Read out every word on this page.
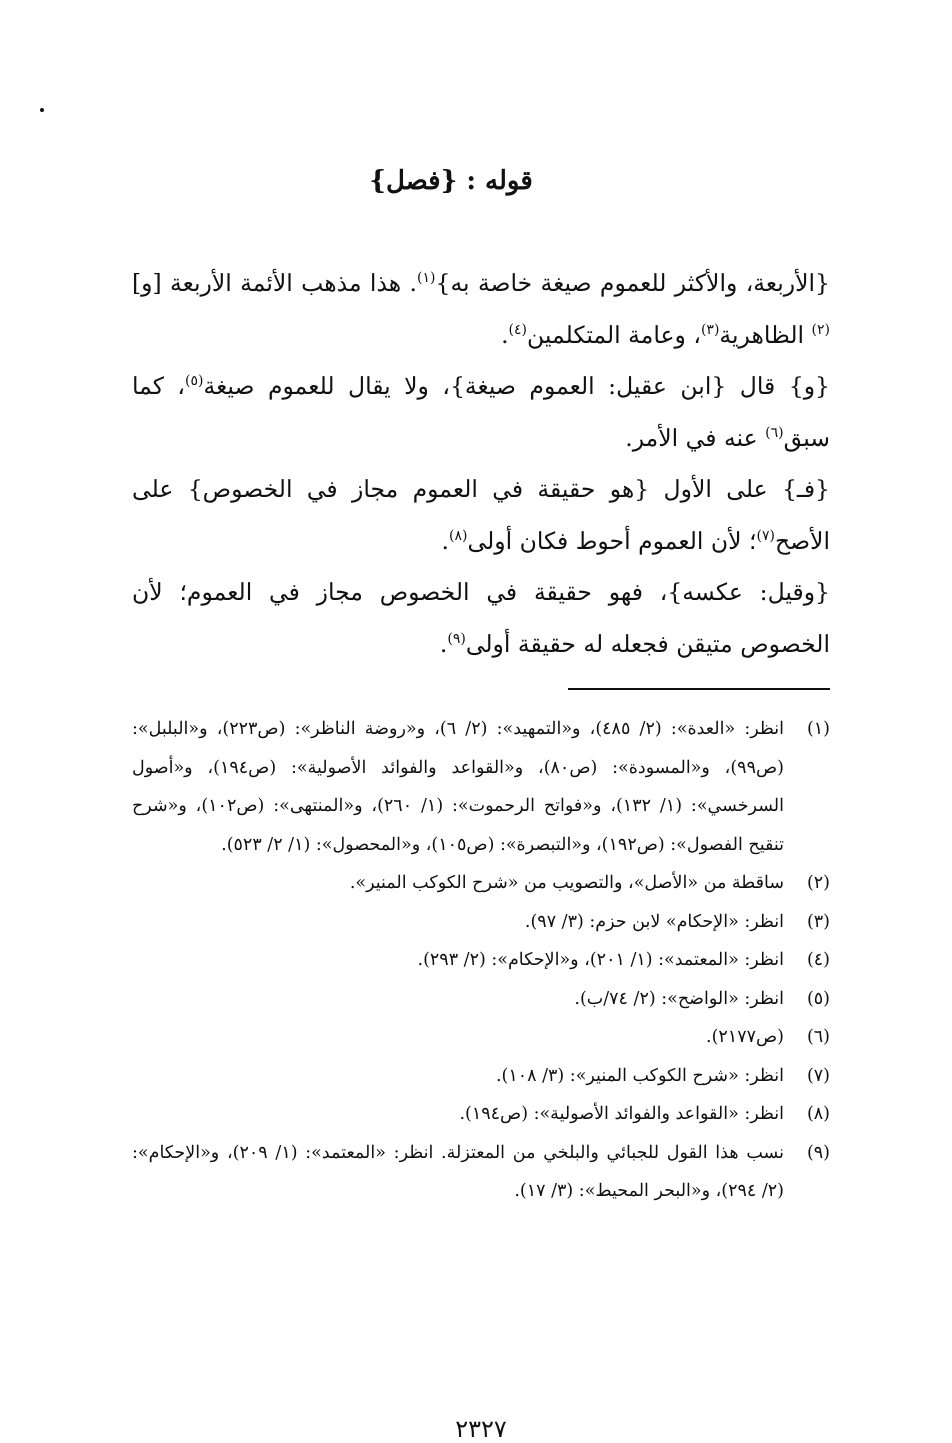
قوله : {فصل}

{الأربعة، والأكثر للعموم صيغة خاصة به}$^{(١)}$. هذا مذهب الأئمة الأربعة [و]$^{(٢)}$ الظاهرية$^{(٣)}$، وعامة المتكلمين$^{(٤)}$.

{و} قال {ابن عقيل: العموم صيغة}، ولا يقال للعموم صيغة$^{(٥)}$، كما سبق$^{(٦)}$ عنه في الأمر.

{فـ} على الأول {هو حقيقة في العموم مجاز في الخصوص} على الأصح$^{(٧)}$؛ لأن العموم أحوط فكان أولى$^{(٨)}$.

{وقيل: عكسه}، فهو حقيقة في الخصوص مجاز في العموم؛ لأن الخصوص متيقن فجعله له حقيقة أولى$^{(٩)}$.

(١)
انظر: «العدة»: (٢/ ٤٨٥)، و«التمهيد»: (٢/ ٦)، و«روضة الناظر»: (ص٢٢٣)، و«البلبل»: (ص٩٩)، و«المسودة»: (ص٨٠)، و«القواعد والفوائد الأصولية»: (ص١٩٤)، و«أصول السرخسي»: (١/ ١٣٢)، و«فواتح الرحموت»: (١/ ٢٦٠)، و«المنتهى»: (ص١٠٢)، و«شرح تنقيح الفصول»: (ص١٩٢)، و«التبصرة»: (ص١٠٥)، و«المحصول»: (١/ ٢/ ٥٢٣).
(٢)
ساقطة من «الأصل»، والتصويب من «شرح الكوكب المنير».
(٣)
انظر: «الإحكام» لابن حزم: (٣/ ٩٧).
(٤)
انظر: «المعتمد»: (١/ ٢٠١)، و«الإحكام»: (٢/ ٢٩٣).
(٥)
انظر: «الواضح»: (٢/ ٧٤/ب).
(٦)
(ص٢١٧٧).
(٧)
انظر: «شرح الكوكب المنير»: (٣/ ١٠٨).
(٨)
انظر: «القواعد والفوائد الأصولية»: (ص١٩٤).
(٩)
نسب هذا القول للجبائي والبلخي من المعتزلة. انظر: «المعتمد»: (١/ ٢٠٩)، و«الإحكام»: (٢/ ٢٩٤)، و«البحر المحيط»: (٣/ ١٧).
٢٣٢٧
